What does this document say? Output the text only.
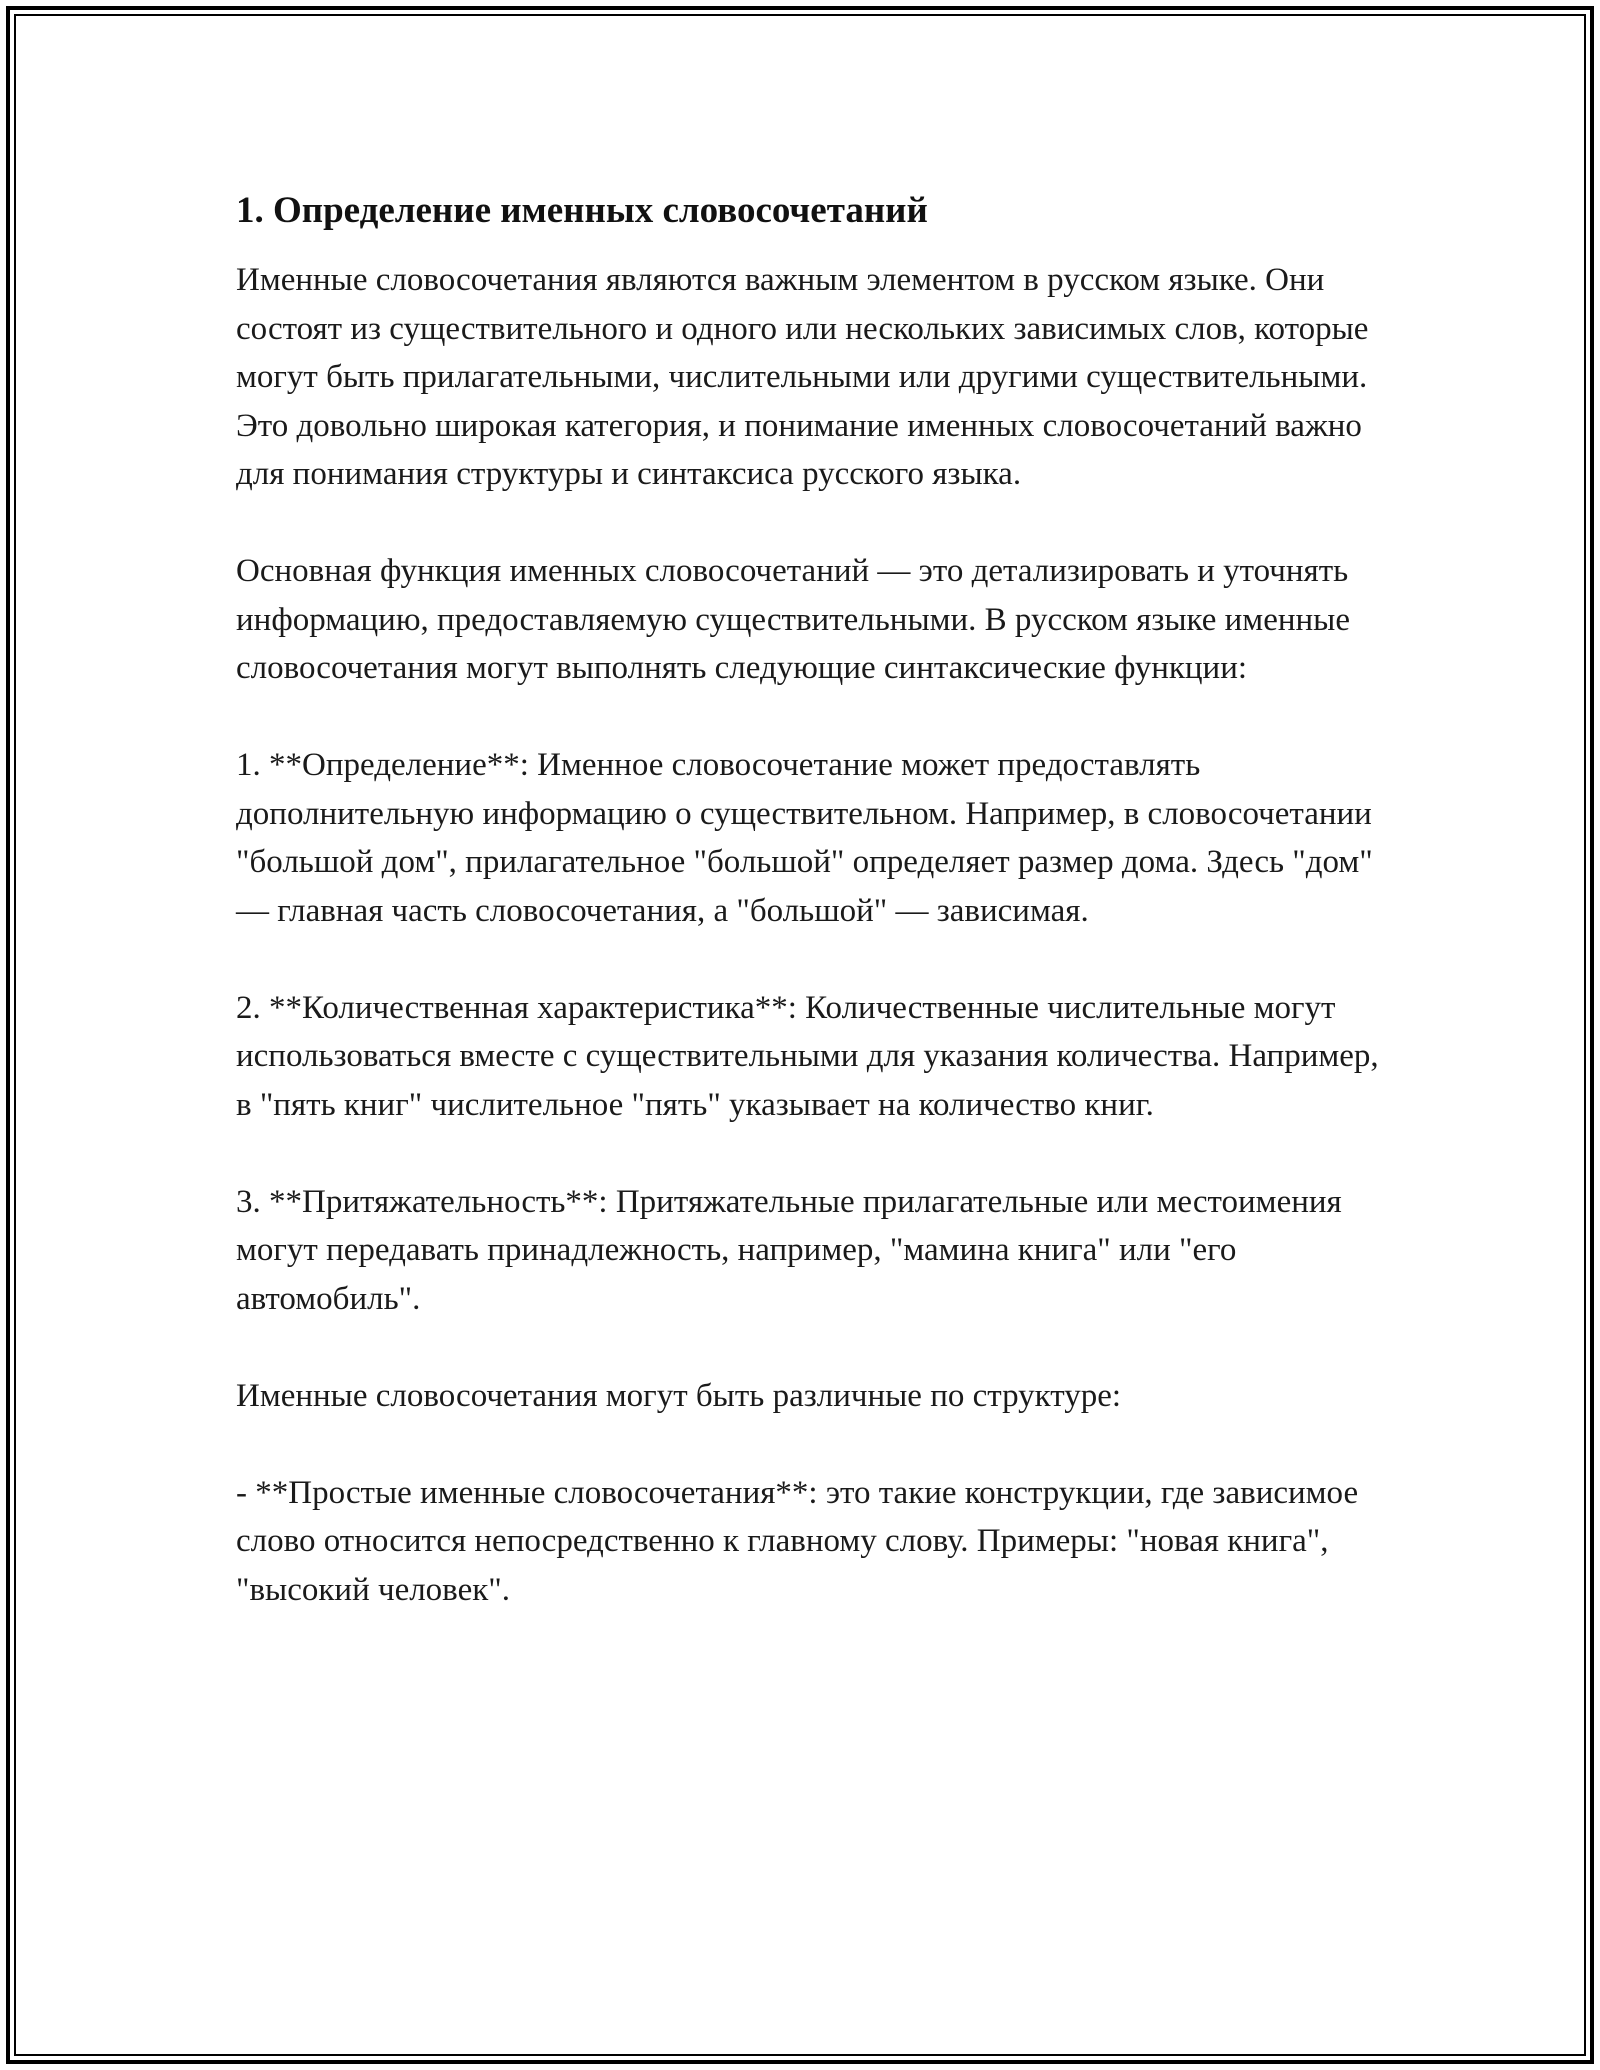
1. Определение именных словосочетаний

Именные словосочетания являются важным элементом в русском языке. Они состоят из существительного и одного или нескольких зависимых слов, которые могут быть прилагательными, числительными или другими существительными. Это довольно широкая категория, и понимание именных словосочетаний важно для понимания структуры и синтаксиса русского языка.

Основная функция именных словосочетаний — это детализировать и уточнять информацию, предоставляемую существительными. В русском языке именные словосочетания могут выполнять следующие синтаксические функции:

1. **Определение**: Именное словосочетание может предоставлять дополнительную информацию о существительном. Например, в словосочетании "большой дом", прилагательное "большой" определяет размер дома. Здесь "дом" — главная часть словосочетания, а "большой" — зависимая.

2. **Количественная характеристика**: Количественные числительные могут использоваться вместе с существительными для указания количества. Например, в "пять книг" числительное "пять" указывает на количество книг.

3. **Притяжательность**: Притяжательные прилагательные или местоимения могут передавать принадлежность, например, "мамина книга" или "его автомобиль".

Именные словосочетания могут быть различные по структуре:

- **Простые именные словосочетания**: это такие конструкции, где зависимое слово относится непосредственно к главному слову. Примеры: "новая книга", "высокий человек".
